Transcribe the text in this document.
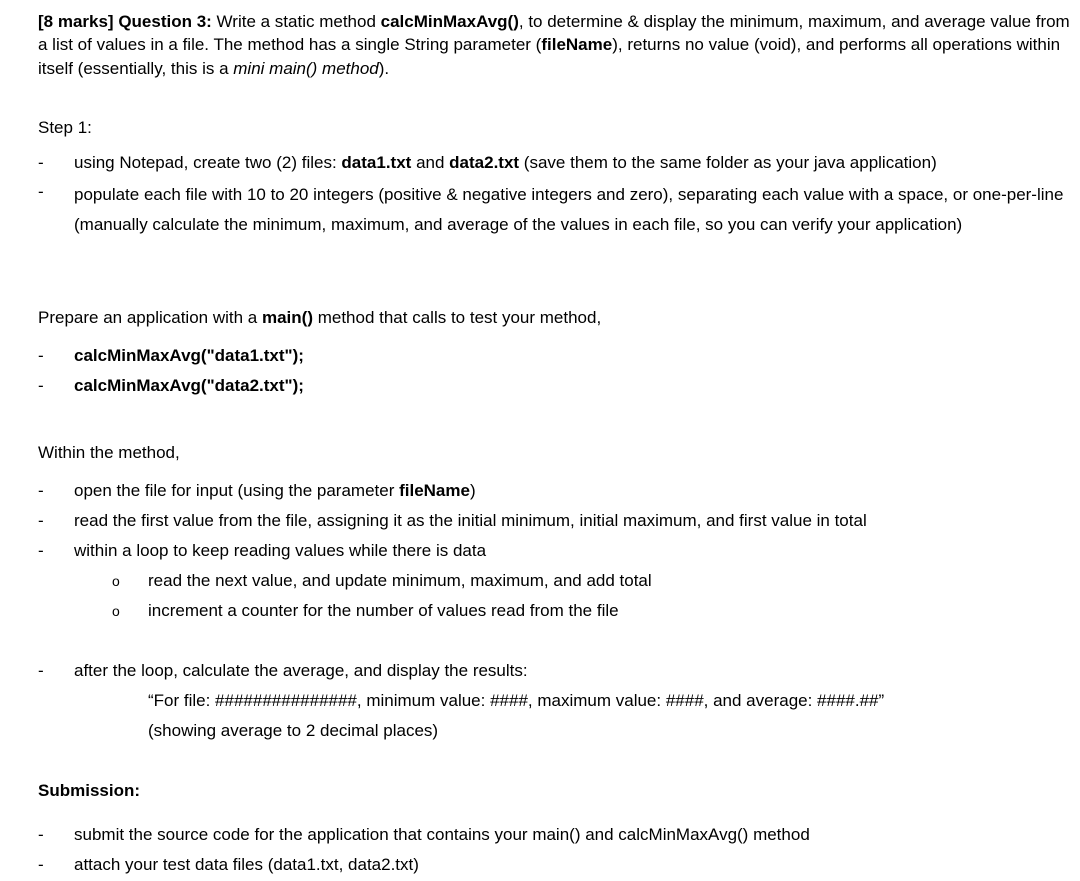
[8 marks] Question 3: Write a static method calcMinMaxAvg(), to determine & display the minimum, maximum, and average value from a list of values in a file. The method has a single String parameter (fileName), returns no value (void), and performs all operations within itself (essentially, this is a mini main() method).

Step 1:

- using Notepad, create two (2) files: data1.txt and data2.txt (save them to the same folder as your java application)
- populate each file with 10 to 20 integers (positive & negative integers and zero), separating each value with a space, or one-per-line
(manually calculate the minimum, maximum, and average of the values in each file, so you can verify your application)

Prepare an application with a main() method that calls to test your method,

- calcMinMaxAvg("data1.txt");
- calcMinMaxAvg("data2.txt");

Within the method,

- open the file for input (using the parameter fileName)
- read the first value from the file, assigning it as the initial minimum, initial maximum, and first value in total
- within a loop to keep reading values while there is data
o read the next value, and update minimum, maximum, and add total
o increment a counter for the number of values read from the file
- after the loop, calculate the average, and display the results:
“For file: ###############, minimum value: ####, maximum value: ####, and average: ####.##”
(showing average to 2 decimal places)

Submission:

- submit the source code for the application that contains your main() and calcMinMaxAvg() method
- attach your test data files (data1.txt, data2.txt)
